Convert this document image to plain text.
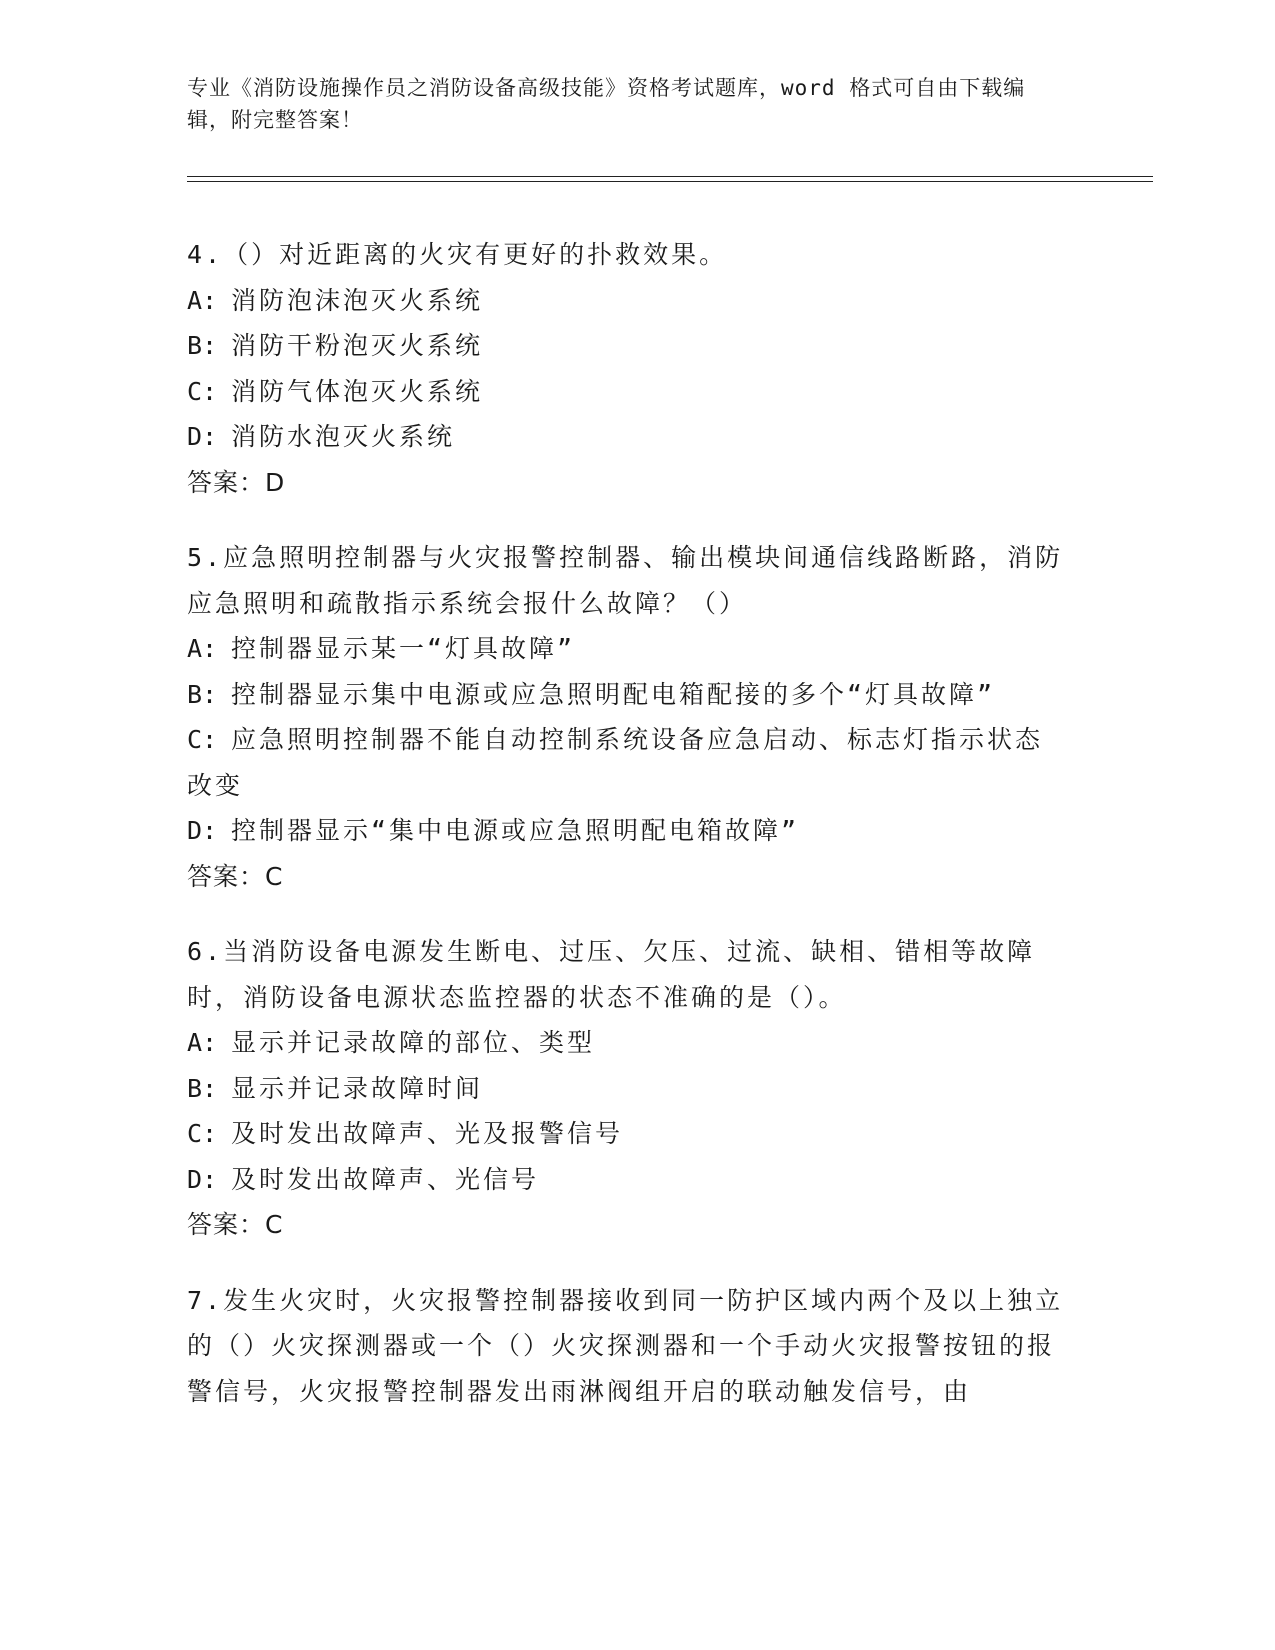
专业《消防设施操作员之消防设备高级技能》资格考试题库，word 格式可自由下载编辑，附完整答案！
4.（）对近距离的火灾有更好的扑救效果。
A: 消防泡沫泡灭火系统
B: 消防干粉泡灭火系统
C: 消防气体泡灭火系统
D: 消防水泡灭火系统
答案：D
5.应急照明控制器与火灾报警控制器、输出模块间通信线路断路，消防应急照明和疏散指示系统会报什么故障？（）
A: 控制器显示某一“灯具故障”
B: 控制器显示集中电源或应急照明配电箱配接的多个“灯具故障”
C: 应急照明控制器不能自动控制系统设备应急启动、标志灯指示状态改变
D: 控制器显示“集中电源或应急照明配电箱故障”
答案：C
6.当消防设备电源发生断电、过压、欠压、过流、缺相、错相等故障时，消防设备电源状态监控器的状态不准确的是（）。
A: 显示并记录故障的部位、类型
B: 显示并记录故障时间
C: 及时发出故障声、光及报警信号
D: 及时发出故障声、光信号
答案：C
7.发生火灾时，火灾报警控制器接收到同一防护区域内两个及以上独立的（）火灾探测器或一个（）火灾探测器和一个手动火灾报警按钮的报警信号，火灾报警控制器发出雨淋阀组开启的联动触发信号，由
